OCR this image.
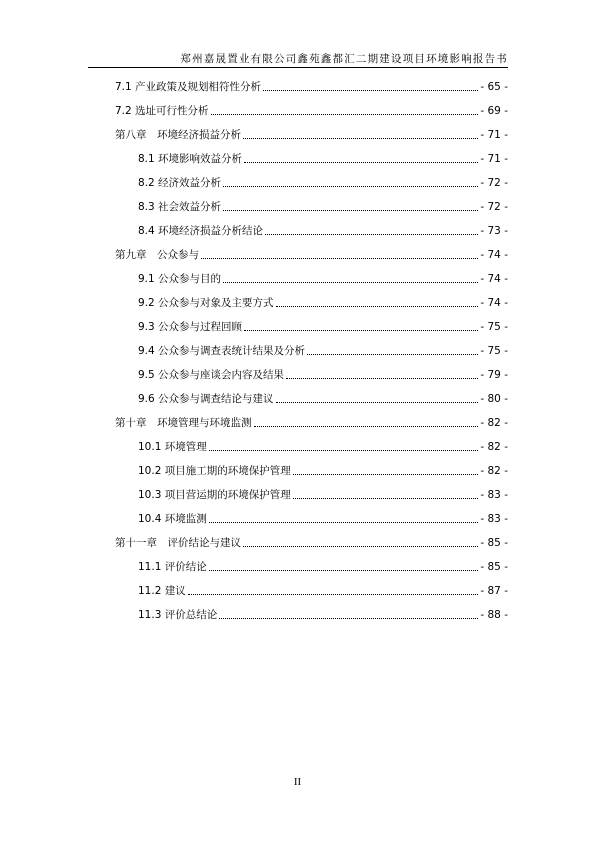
郑州嘉晟置业有限公司鑫苑鑫都汇二期建设项目环境影响报告书
7.1 产业政策及规划相符性分析	- 65 -
7.2 选址可行性分析	- 69 -
第八章　环境经济损益分析	- 71 -
8.1 环境影响效益分析	- 71 -
8.2 经济效益分析	- 72 -
8.3 社会效益分析	- 72 -
8.4 环境经济损益分析结论	- 73 -
第九章　公众参与	- 74 -
9.1 公众参与目的	- 74 -
9.2 公众参与对象及主要方式	- 74 -
9.3 公众参与过程回顾	- 75 -
9.4 公众参与调查表统计结果及分析	- 75 -
9.5 公众参与座谈会内容及结果	- 79 -
9.6 公众参与调查结论与建议	- 80 -
第十章　环境管理与环境监测	- 82 -
10.1 环境管理	- 82 -
10.2 项目施工期的环境保护管理	- 82 -
10.3 项目营运期的环境保护管理	- 83 -
10.4 环境监测	- 83 -
第十一章　评价结论与建议	- 85 -
11.1 评价结论	- 85 -
11.2 建议	- 87 -
11.3 评价总结论	- 88 -
II
